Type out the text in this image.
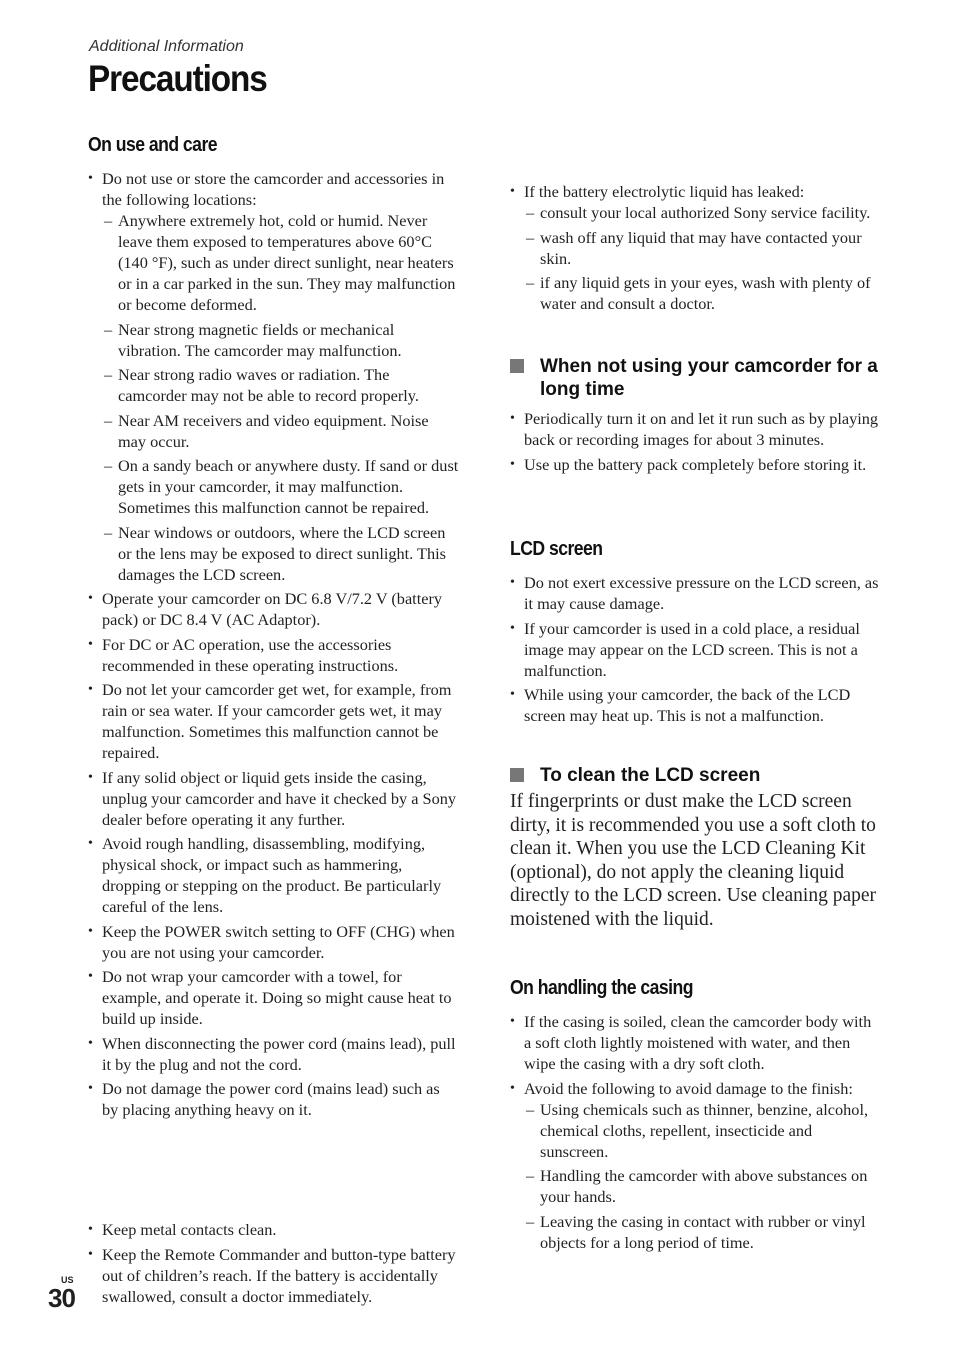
Additional Information
Precautions
On use and care
• Do not use or store the camcorder and accessories in the following locations:
– Anywhere extremely hot, cold or humid. Never leave them exposed to temperatures above 60°C (140 °F), such as under direct sunlight, near heaters or in a car parked in the sun. They may malfunction or become deformed.
– Near strong magnetic fields or mechanical vibration. The camcorder may malfunction.
– Near strong radio waves or radiation. The camcorder may not be able to record properly.
– Near AM receivers and video equipment. Noise may occur.
– On a sandy beach or anywhere dusty. If sand or dust gets in your camcorder, it may malfunction. Sometimes this malfunction cannot be repaired.
– Near windows or outdoors, where the LCD screen or the lens may be exposed to direct sunlight. This damages the LCD screen.
• Operate your camcorder on DC 6.8 V/7.2 V (battery pack) or DC 8.4 V (AC Adaptor).
• For DC or AC operation, use the accessories recommended in these operating instructions.
• Do not let your camcorder get wet, for example, from rain or sea water. If your camcorder gets wet, it may malfunction. Sometimes this malfunction cannot be repaired.
• If any solid object or liquid gets inside the casing, unplug your camcorder and have it checked by a Sony dealer before operating it any further.
• Avoid rough handling, disassembling, modifying, physical shock, or impact such as hammering, dropping or stepping on the product. Be particularly careful of the lens.
• Keep the POWER switch setting to OFF (CHG) when you are not using your camcorder.
• Do not wrap your camcorder with a towel, for example, and operate it. Doing so might cause heat to build up inside.
• When disconnecting the power cord (mains lead), pull it by the plug and not the cord.
• Do not damage the power cord (mains lead) such as by placing anything heavy on it.
• Keep metal contacts clean.
• Keep the Remote Commander and button-type battery out of children’s reach. If the battery is accidentally swallowed, consult a doctor immediately.
• If the battery electrolytic liquid has leaked:
– consult your local authorized Sony service facility.
– wash off any liquid that may have contacted your skin.
– if any liquid gets in your eyes, wash with plenty of water and consult a doctor.
When not using your camcorder for a long time
• Periodically turn it on and let it run such as by playing back or recording images for about 3 minutes.
• Use up the battery pack completely before storing it.
LCD screen
• Do not exert excessive pressure on the LCD screen, as it may cause damage.
• If your camcorder is used in a cold place, a residual image may appear on the LCD screen. This is not a malfunction.
• While using your camcorder, the back of the LCD screen may heat up. This is not a malfunction.
To clean the LCD screen

If fingerprints or dust make the LCD screen dirty, it is recommended you use a soft cloth to clean it. When you use the LCD Cleaning Kit (optional), do not apply the cleaning liquid directly to the LCD screen. Use cleaning paper moistened with the liquid.

On handling the casing
• If the casing is soiled, clean the camcorder body with a soft cloth lightly moistened with water, and then wipe the casing with a dry soft cloth.
• Avoid the following to avoid damage to the finish:
– Using chemicals such as thinner, benzine, alcohol, chemical cloths, repellent, insecticide and sunscreen.
– Handling the camcorder with above substances on your hands.
– Leaving the casing in contact with rubber or vinyl objects for a long period of time.
US
30
